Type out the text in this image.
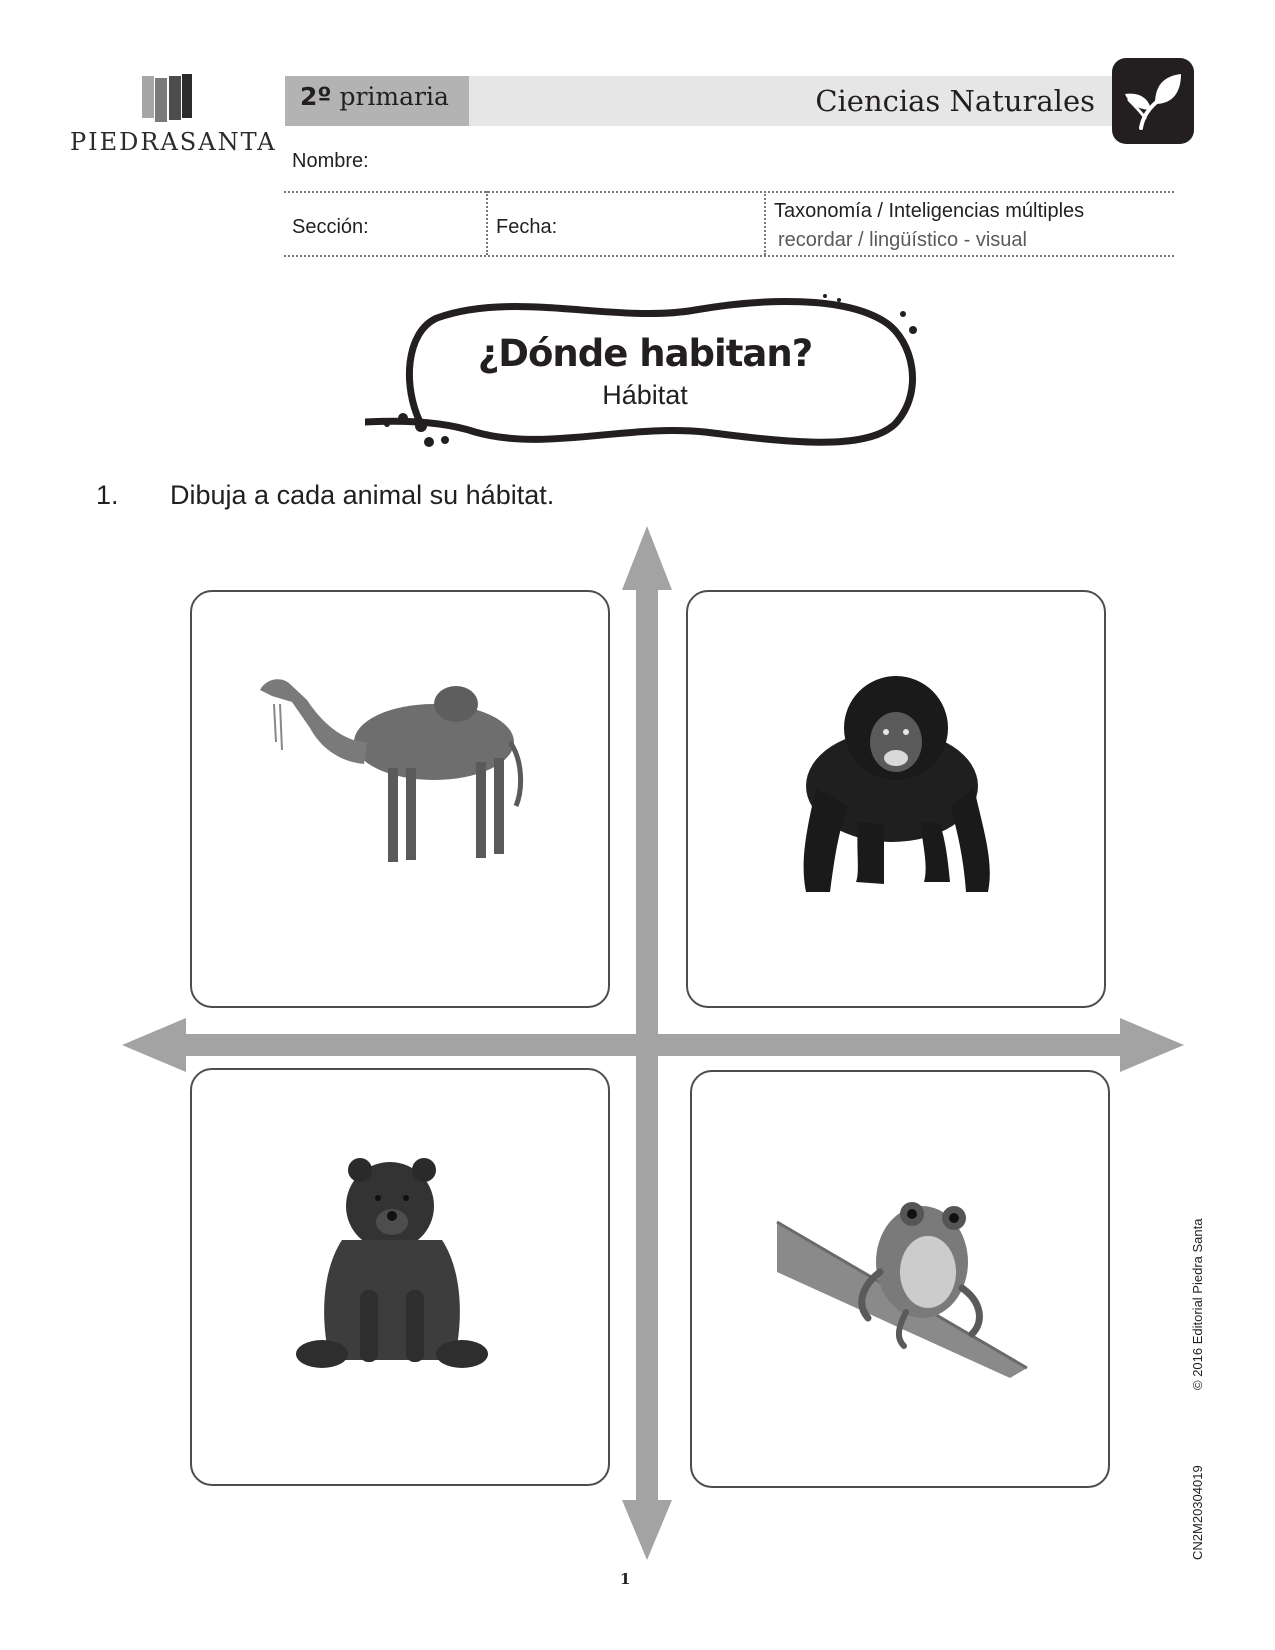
PIEDRASANTA
2º primaria	Ciencias Naturales
Nombre:
Sección:	Fecha:
Taxonomía / Inteligencias múltiples
recordar / lingüístico - visual
¿Dónde habitan?
Hábitat
1. Dibuja a cada animal su hábitat.
© 2016 Editorial Piedra Santa
CN2M20304019
1
